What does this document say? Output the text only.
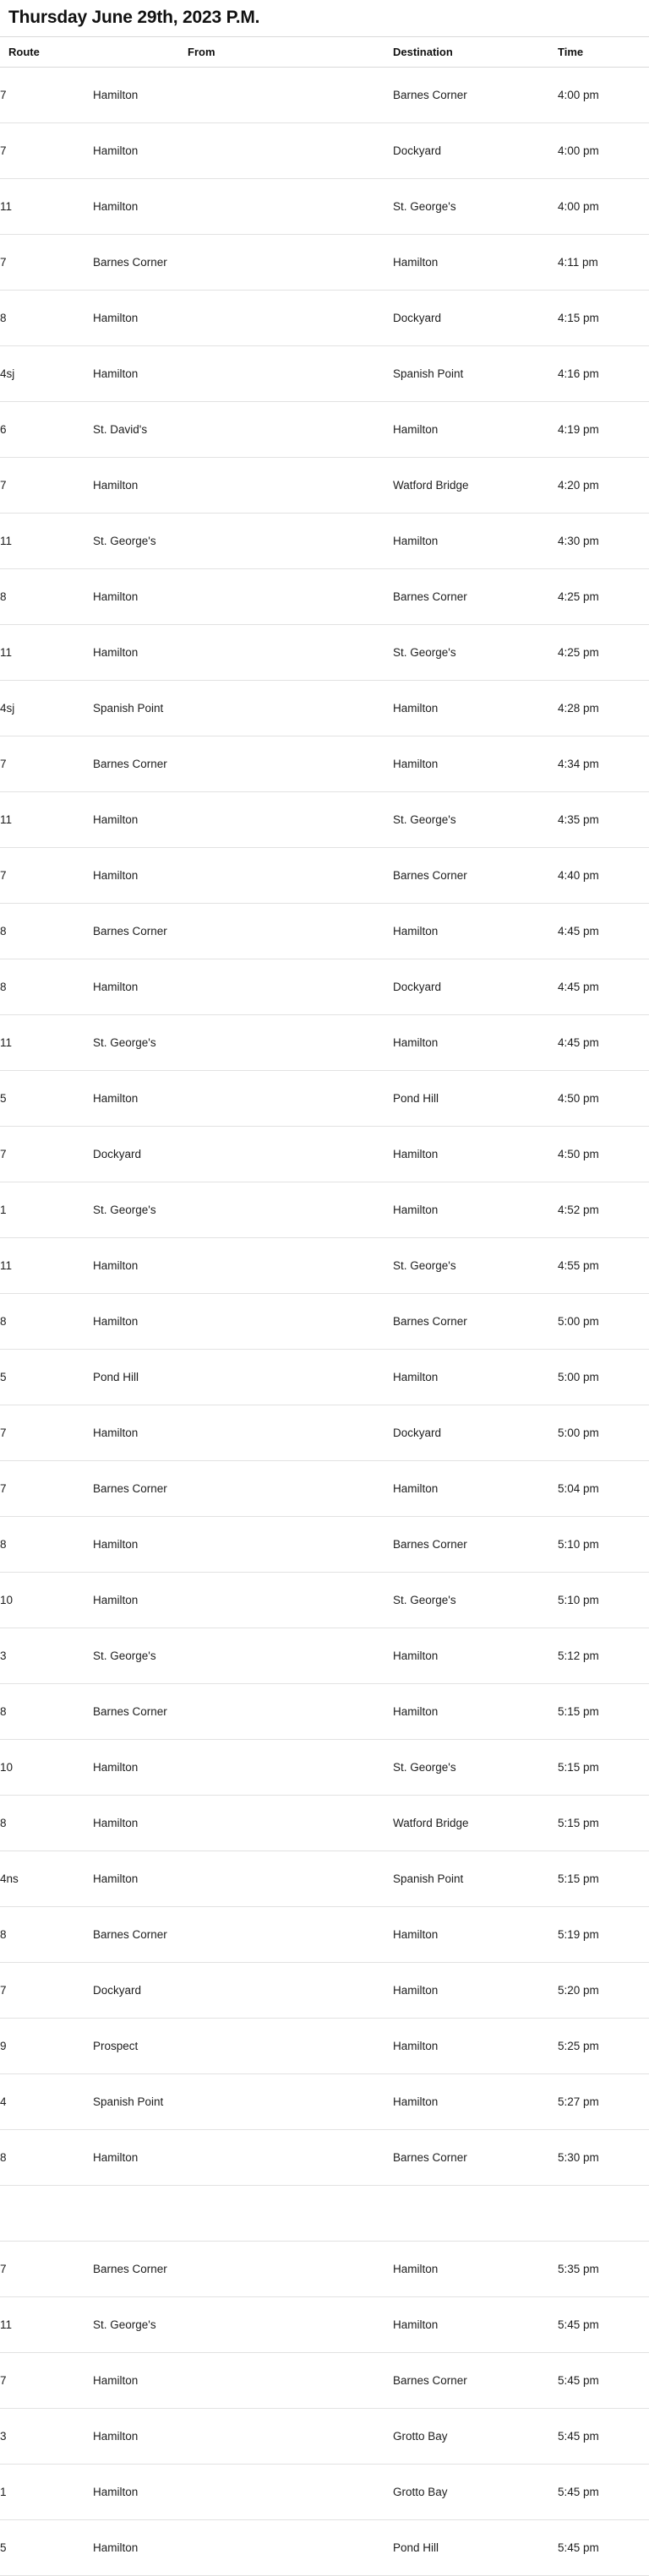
Thursday June 29th, 2023 P.M.
Route	From	Destination	Time
7	Hamilton	Barnes Corner	4:00 pm
7	Hamilton	Dockyard	4:00 pm
11	Hamilton	St. George's	4:00 pm
7	Barnes Corner	Hamilton	4:11 pm
8	Hamilton	Dockyard	4:15 pm
4sj	Hamilton	Spanish Point	4:16 pm
6	St. David's	Hamilton	4:19 pm
7	Hamilton	Watford Bridge	4:20 pm
11	St. George's	Hamilton	4:30 pm
8	Hamilton	Barnes Corner	4:25 pm
11	Hamilton	St. George's	4:25 pm
4sj	Spanish Point	Hamilton	4:28 pm
7	Barnes Corner	Hamilton	4:34 pm
11	Hamilton	St. George's	4:35 pm
7	Hamilton	Barnes Corner	4:40 pm
8	Barnes Corner	Hamilton	4:45 pm
8	Hamilton	Dockyard	4:45 pm
11	St. George's	Hamilton	4:45 pm
5	Hamilton	Pond Hill	4:50 pm
7	Dockyard	Hamilton	4:50 pm
1	St. George's	Hamilton	4:52 pm
11	Hamilton	St. George's	4:55 pm
8	Hamilton	Barnes Corner	5:00 pm
5	Pond Hill	Hamilton	5:00 pm
7	Hamilton	Dockyard	5:00 pm
7	Barnes Corner	Hamilton	5:04 pm
8	Hamilton	Barnes Corner	5:10 pm
10	Hamilton	St. George's	5:10 pm
3	St. George's	Hamilton	5:12 pm
8	Barnes Corner	Hamilton	5:15 pm
10	Hamilton	St. George's	5:15 pm
8	Hamilton	Watford Bridge	5:15 pm
4ns	Hamilton	Spanish Point	5:15 pm
8	Barnes Corner	Hamilton	5:19 pm
7	Dockyard	Hamilton	5:20 pm
9	Prospect	Hamilton	5:25 pm
4	Spanish Point	Hamilton	5:27 pm
8	Hamilton	Barnes Corner	5:30 pm

7	Barnes Corner	Hamilton	5:35 pm
11	St. George's	Hamilton	5:45 pm
7	Hamilton	Barnes Corner	5:45 pm
3	Hamilton	Grotto Bay	5:45 pm
1	Hamilton	Grotto Bay	5:45 pm
5	Hamilton	Pond Hill	5:45 pm
